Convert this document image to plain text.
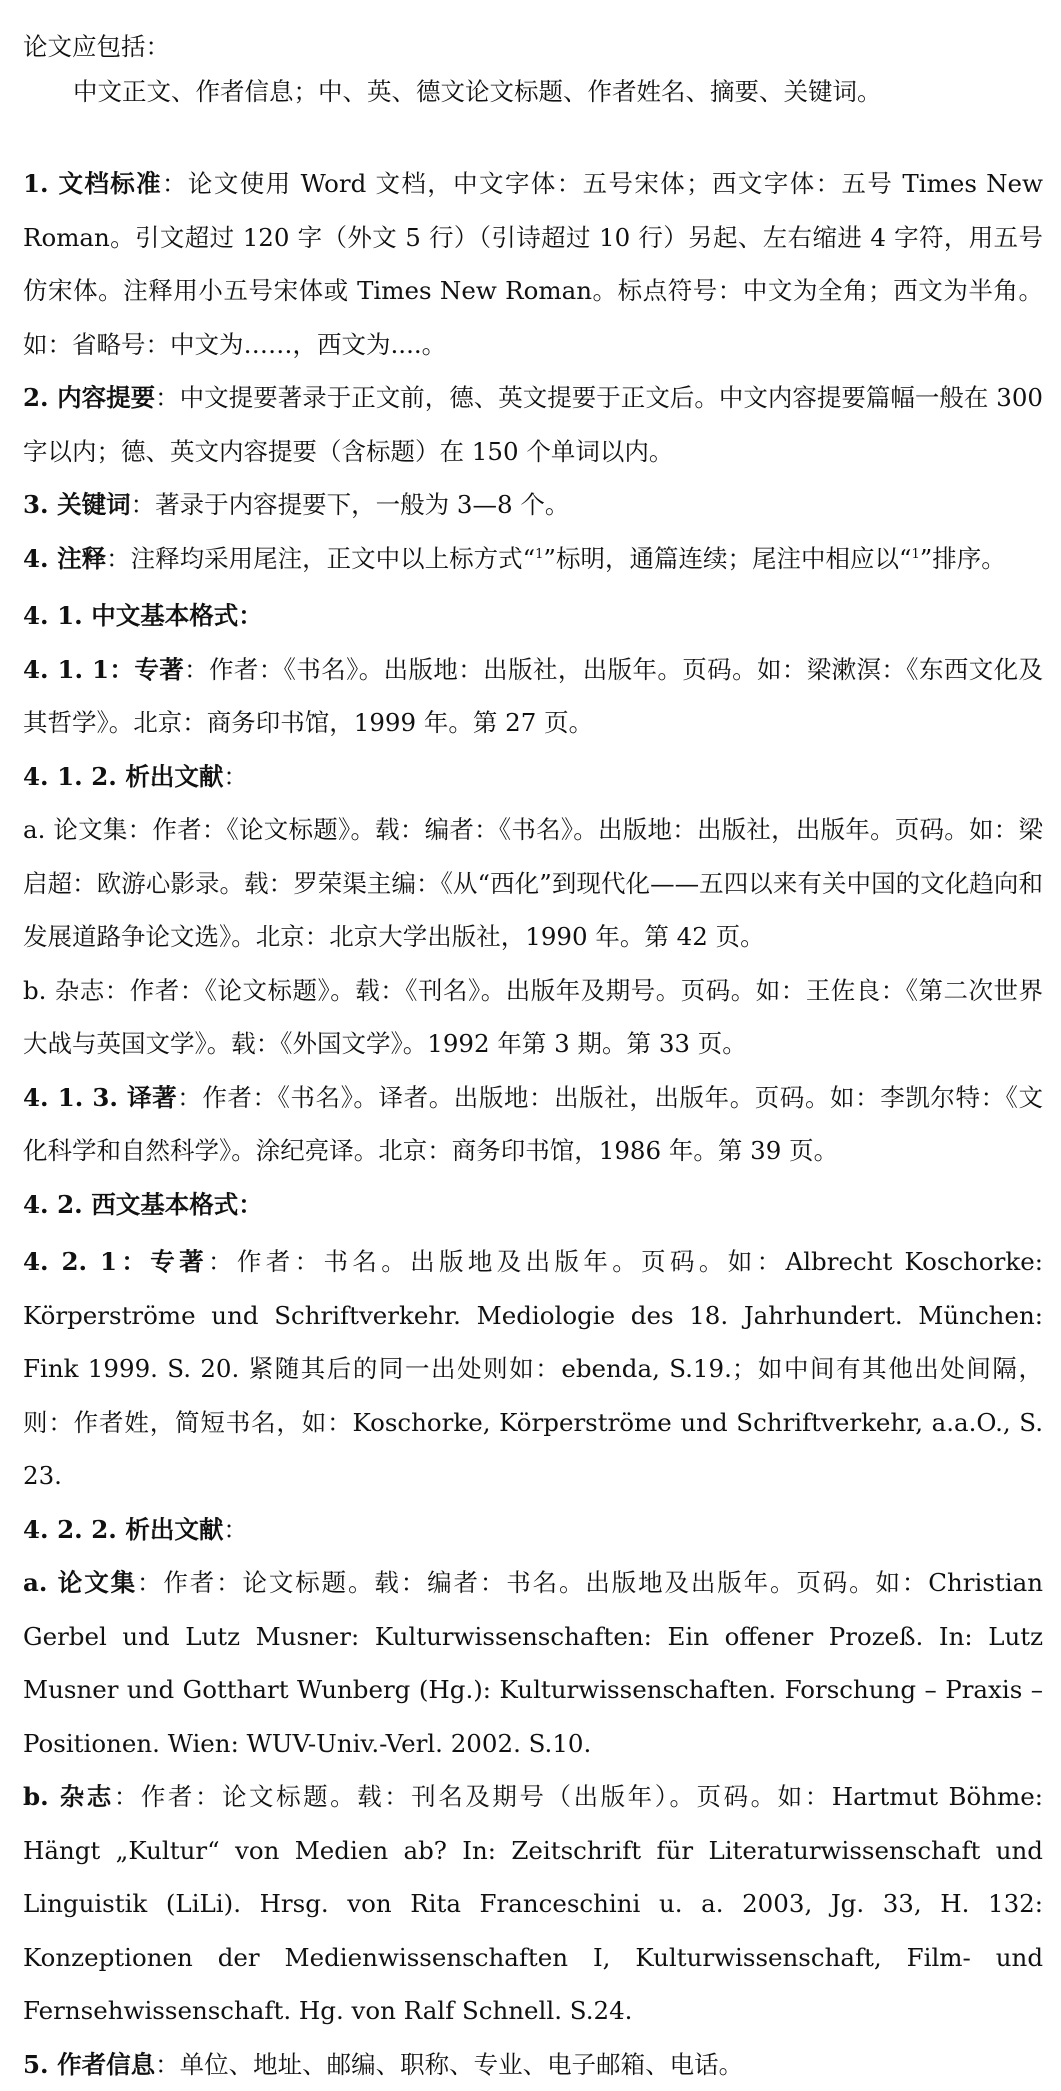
论文应包括：

中文正文、作者信息；中、英、德文论文标题、作者姓名、摘要、关键词。

1. 文档标准：论文使用 Word 文档，中文字体：五号宋体；西文字体：五号 Times New Roman。引文超过 120 字（外文 5 行）（引诗超过 10 行）另起、左右缩进 4 字符，用五号仿宋体。注释用小五号宋体或 Times New Roman。标点符号：中文为全角；西文为半角。如：省略号：中文为……，西文为....。

2. 内容提要：中文提要著录于正文前，德、英文提要于正文后。中文内容提要篇幅一般在 300 字以内；德、英文内容提要（含标题）在 150 个单词以内。

3. 关键词：著录于内容提要下，一般为 3—8 个。

4. 注释：注释均采用尾注，正文中以上标方式“$^1$”标明，通篇连续；尾注中相应以“$^1$”排序。

4. 1. 中文基本格式：

4. 1. 1：专著：作者：《书名》。出版地：出版社，出版年。页码。如：梁漱溟：《东西文化及其哲学》。北京：商务印书馆，1999 年。第 27 页。

4. 1. 2. 析出文献：

a. 论文集：作者：《论文标题》。载：编者：《书名》。出版地：出版社，出版年。页码。如：梁启超：欧游心影录。载：罗荣渠主编：《从“西化”到现代化——五四以来有关中国的文化趋向和发展道路争论文选》。北京：北京大学出版社，1990 年。第 42 页。

b. 杂志：作者：《论文标题》。载：《刊名》。出版年及期号。页码。如：王佐良：《第二次世界大战与英国文学》。载：《外国文学》。1992 年第 3 期。第 33 页。

4. 1. 3. 译著：作者：《书名》。译者。出版地：出版社，出版年。页码。如：李凯尔特：《文化科学和自然科学》。涂纪亮译。北京：商务印书馆，1986 年。第 39 页。

4. 2. 西文基本格式：

4. 2. 1：专著：作者：书名。出版地及出版年。页码。如：Albrecht Koschorke: Körperströme und Schriftverkehr. Mediologie des 18. Jahrhundert. München: Fink 1999. S. 20. 紧随其后的同一出处则如：ebenda, S.19.；如中间有其他出处间隔，则：作者姓，简短书名，如：Koschorke, Körperströme und Schriftverkehr, a.a.O., S. 23.

4. 2. 2. 析出文献：

a. 论文集：作者：论文标题。载：编者：书名。出版地及出版年。页码。如：Christian Gerbel und Lutz Musner: Kulturwissenschaften: Ein offener Prozeß. In: Lutz Musner und Gotthart Wunberg (Hg.): Kulturwissenschaften. Forschung – Praxis – Positionen. Wien: WUV-Univ.-Verl. 2002. S.10.

b. 杂志：作者：论文标题。载：刊名及期号（出版年）。页码。如：Hartmut Böhme: Hängt „Kultur“ von Medien ab? In: Zeitschrift für Literaturwissenschaft und Linguistik (LiLi). Hrsg. von Rita Franceschini u. a. 2003, Jg. 33, H. 132: Konzeptionen der Medienwissenschaften I, Kulturwissenschaft, Film- und Fernsehwissenschaft. Hg. von Ralf Schnell. S.24.

5. 作者信息：单位、地址、邮编、职称、专业、电子邮箱、电话。
